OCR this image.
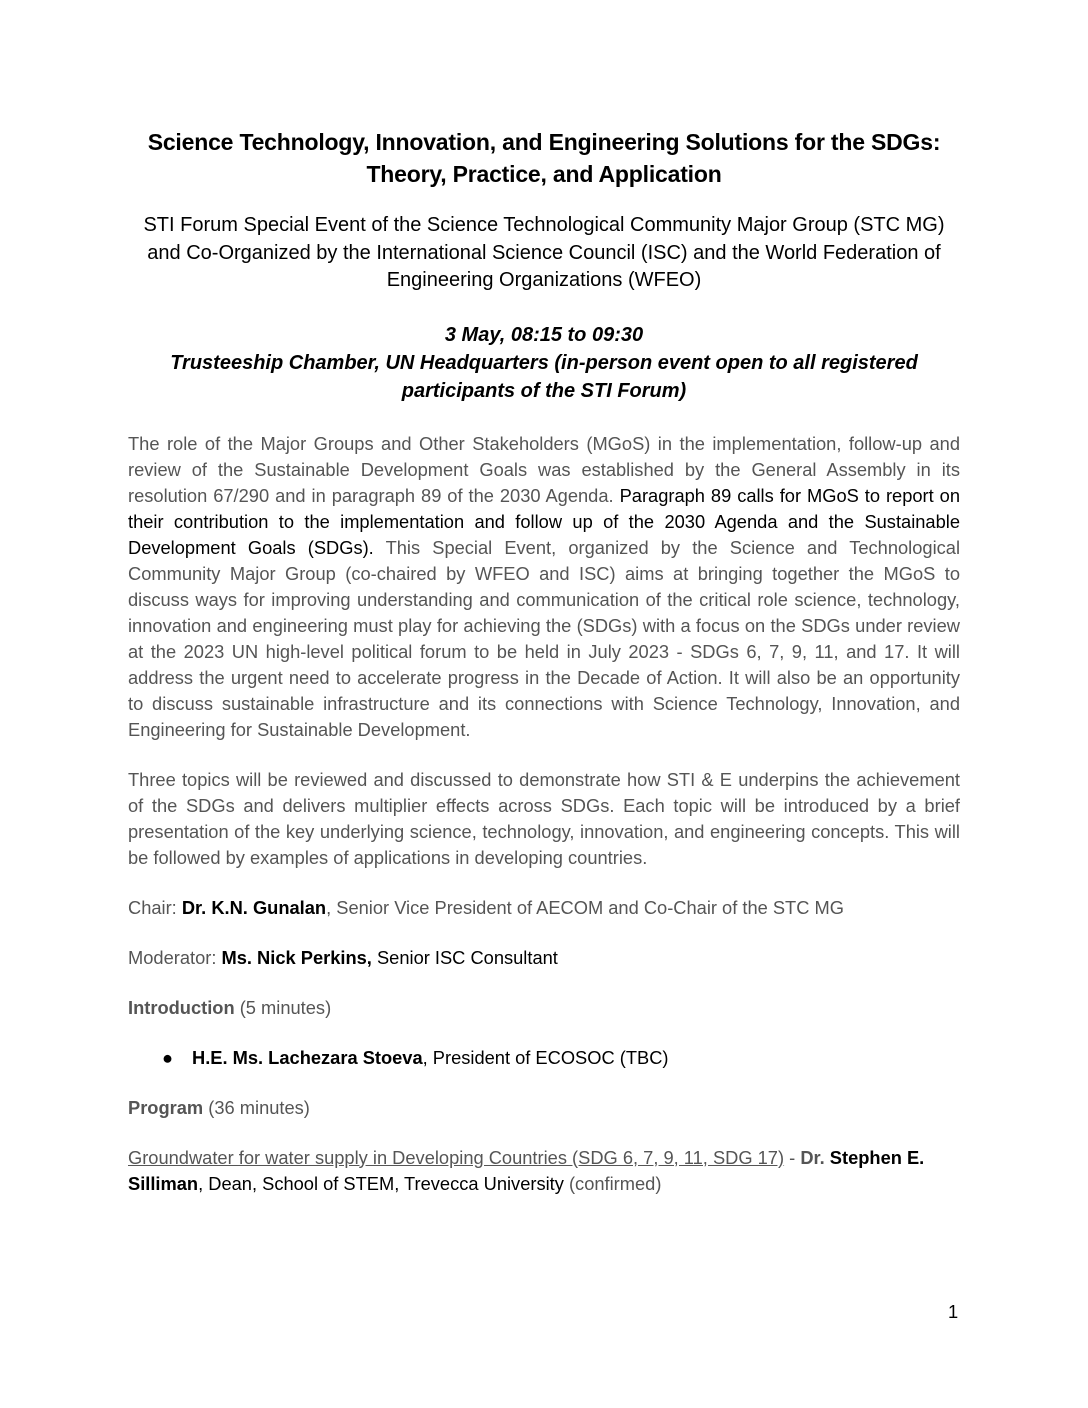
Science Technology, Innovation, and Engineering Solutions for the SDGs: Theory, Practice, and Application

STI Forum Special Event of the Science Technological Community Major Group (STC MG) and Co-Organized by the International Science Council (ISC) and the World Federation of Engineering Organizations (WFEO)

3 May, 08:15 to 09:30
Trusteeship Chamber, UN Headquarters (in-person event open to all registered participants of the STI Forum)

The role of the Major Groups and Other Stakeholders (MGoS) in the implementation, follow-up and review of the Sustainable Development Goals was established by the General Assembly in its resolution 67/290 and in paragraph 89 of the 2030 Agenda. Paragraph 89 calls for MGoS to report on their contribution to the implementation and follow up of the 2030 Agenda and the Sustainable Development Goals (SDGs). This Special Event, organized by the Science and Technological Community Major Group (co-chaired by WFEO and ISC) aims at bringing together the MGoS to discuss ways for improving understanding and communication of the critical role science, technology, innovation and engineering must play for achieving the (SDGs) with a focus on the SDGs under review at the 2023 UN high-level political forum to be held in July 2023 - SDGs 6, 7, 9, 11, and 17. It will address the urgent need to accelerate progress in the Decade of Action. It will also be an opportunity to discuss sustainable infrastructure and its connections with Science Technology, Innovation, and Engineering for Sustainable Development.

Three topics will be reviewed and discussed to demonstrate how STI & E underpins the achievement of the SDGs and delivers multiplier effects across SDGs. Each topic will be introduced by a brief presentation of the key underlying science, technology, innovation, and engineering concepts. This will be followed by examples of applications in developing countries.

Chair: Dr. K.N. Gunalan, Senior Vice President of AECOM and Co-Chair of the STC MG

Moderator: Ms. Nick Perkins, Senior ISC Consultant

Introduction (5 minutes)

● H.E. Ms. Lachezara Stoeva, President of ECOSOC (TBC)

Program (36 minutes)

Groundwater for water supply in Developing Countries (SDG 6, 7, 9, 11, SDG 17) - Dr. Stephen E. Silliman, Dean, School of STEM, Trevecca University (confirmed)

1
